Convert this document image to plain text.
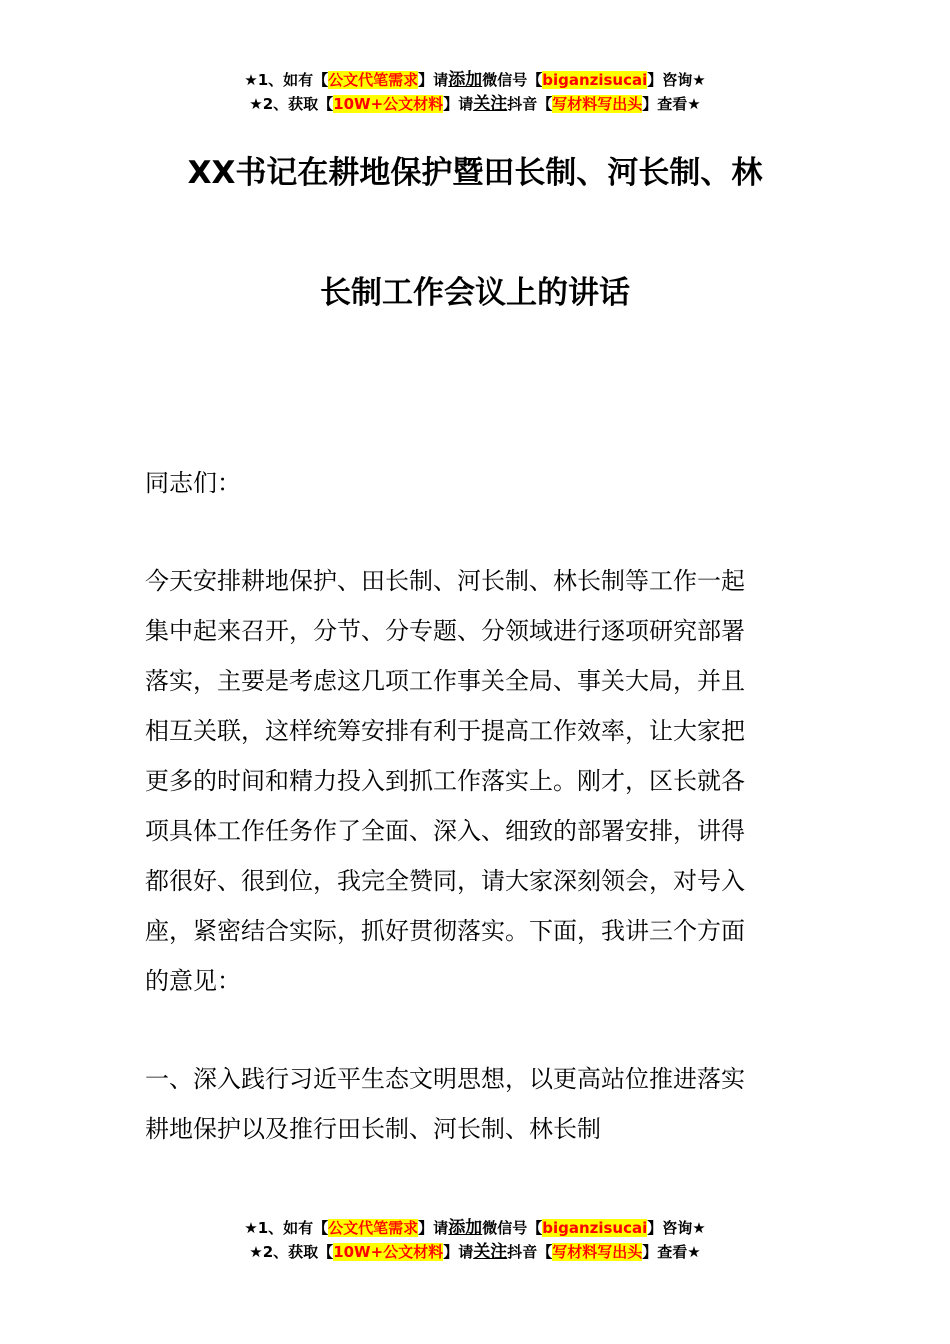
★1、如有【公文代笔需求】请添加微信号【biganzisucai】咨询★
★2、获取【10W+公文材料】请关注抖音【写材料写出头】查看★
XX书记在耕地保护暨田长制、河长制、林
长制工作会议上的讲话
同志们：
今天安排耕地保护、田长制、河长制、林长制等工作一起
集中起来召开，分节、分专题、分领域进行逐项研究部署
落实，主要是考虑这几项工作事关全局、事关大局，并且
相互关联，这样统筹安排有利于提高工作效率，让大家把
更多的时间和精力投入到抓工作落实上。刚才，区长就各
项具体工作任务作了全面、深入、细致的部署安排，讲得
都很好、很到位，我完全赞同，请大家深刻领会，对号入
座，紧密结合实际，抓好贯彻落实。下面，我讲三个方面
的意见：
一、深入践行习近平生态文明思想，以更高站位推进落实
耕地保护以及推行田长制、河长制、林长制
★1、如有【公文代笔需求】请添加微信号【biganzisucai】咨询★
★2、获取【10W+公文材料】请关注抖音【写材料写出头】查看★
